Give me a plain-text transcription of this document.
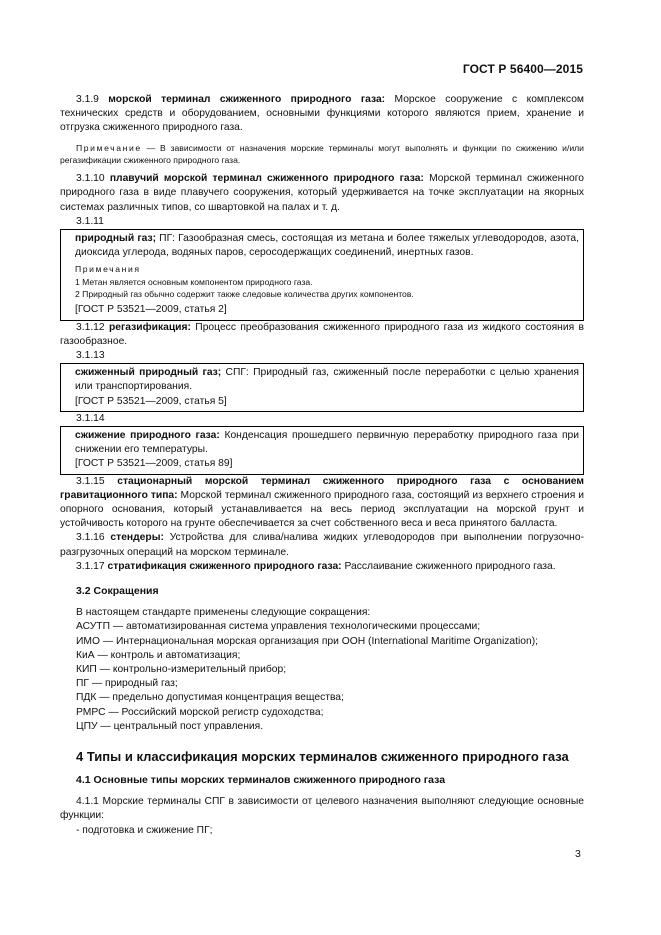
ГОСТ Р 56400—2015

3.1.9 морской терминал сжиженного природного газа: Морское сооружение с комплексом технических средств и оборудованием, основными функциями которого являются прием, хранение и отгрузка сжиженного природного газа.

Примечание — В зависимости от назначения морские терминалы могут выполнять и функции по сжижению и/или регазификации сжиженного природного газа.

3.1.10 плавучий морской терминал сжиженного природного газа: Морской терминал сжиженного природного газа в виде плавучего сооружения, который удерживается на точке эксплуатации на якорных системах различных типов, со швартовкой на палах и т. д.

3.1.11

природный газ; ПГ: Газообразная смесь, состоящая из метана и более тяжелых углеводородов, азота, диоксида углерода, водяных паров, серосодержащих соединений, инертных газов.

Примечания

1 Метан является основным компонентом природного газа.

2 Природный газ обычно содержит также следовые количества других компонентов.

[ГОСТ Р 53521—2009, статья 2]

3.1.12 регазификация: Процесс преобразования сжиженного природного газа из жидкого состояния в газообразное.

3.1.13

сжиженный природный газ; СПГ: Природный газ, сжиженный после переработки с целью хранения или транспортирования.

[ГОСТ Р 53521—2009, статья 5]

3.1.14

сжижение природного газа: Конденсация прошедшего первичную переработку природного газа при снижении его температуры.

[ГОСТ Р 53521—2009, статья 89]

3.1.15 стационарный морской терминал сжиженного природного газа с основанием гравитационного типа: Морской терминал сжиженного природного газа, состоящий из верхнего строения и опорного основания, который устанавливается на весь период эксплуатации на морской грунт и устойчивость которого на грунте обеспечивается за счет собственного веса и веса принятого балласта.

3.1.16 стендеры: Устройства для слива/налива жидких углеводородов при выполнении погрузочно-разгрузочных операций на морском терминале.

3.1.17 стратификация сжиженного природного газа: Расслаивание сжиженного природного газа.

3.2 Сокращения

В настоящем стандарте применены следующие сокращения:

АСУТП — автоматизированная система управления технологическими процессами;

ИМО — Интернациональная морская организация при ООН (International Maritime Organization);

КиА — контроль и автоматизация;

КИП — контрольно-измерительный прибор;

ПГ — природный газ;

ПДК — предельно допустимая концентрация вещества;

РМРС — Российский морской регистр судоходства;

ЦПУ — центральный пост управления.

4 Типы и классификация морских терминалов сжиженного природного газа

4.1 Основные типы морских терминалов сжиженного природного газа

4.1.1 Морские терминалы СПГ в зависимости от целевого назначения выполняют следующие основные функции:

- подготовка и сжижение ПГ;

3
